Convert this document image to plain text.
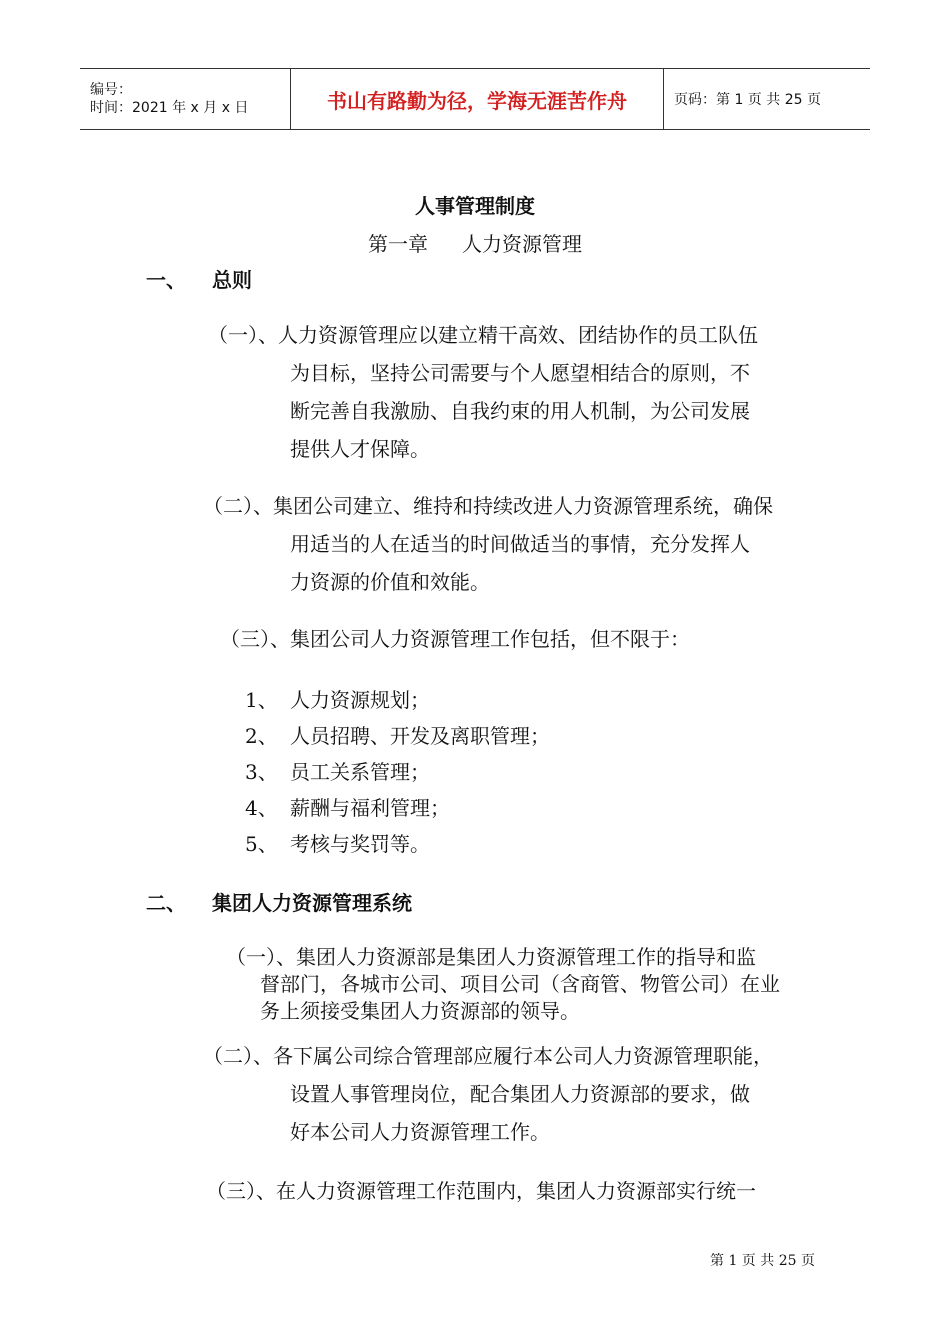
编号：
时间：2021 年 x 月 x 日	书山有路勤为径，学海无涯苦作舟	页码：第 1 页 共 25 页
人事管理制度
第一章 人力资源管理
一、 总则
（一）、人力资源管理应以建立精干高效、团结协作的员工队伍
为目标，坚持公司需要与个人愿望相结合的原则，不
断完善自我激励、自我约束的用人机制，为公司发展
提供人才保障。
（二）、集团公司建立、维持和持续改进人力资源管理系统，确保
用适当的人在适当的时间做适当的事情，充分发挥人
力资源的价值和效能。
（三）、集团公司人力资源管理工作包括，但不限于：
1、 人力资源规划；
2、 人员招聘、开发及离职管理；
3、 员工关系管理；
4、 薪酬与福利管理；
5、 考核与奖罚等。
二、 集团人力资源管理系统
（一）、集团人力资源部是集团人力资源管理工作的指导和监
督部门，各城市公司、项目公司（含商管、物管公司）在业
务上须接受集团人力资源部的领导。
（二）、各下属公司综合管理部应履行本公司人力资源管理职能，
设置人事管理岗位，配合集团人力资源部的要求，做
好本公司人力资源管理工作。
（三）、在人力资源管理工作范围内，集团人力资源部实行统一
第 1 页 共 25 页
